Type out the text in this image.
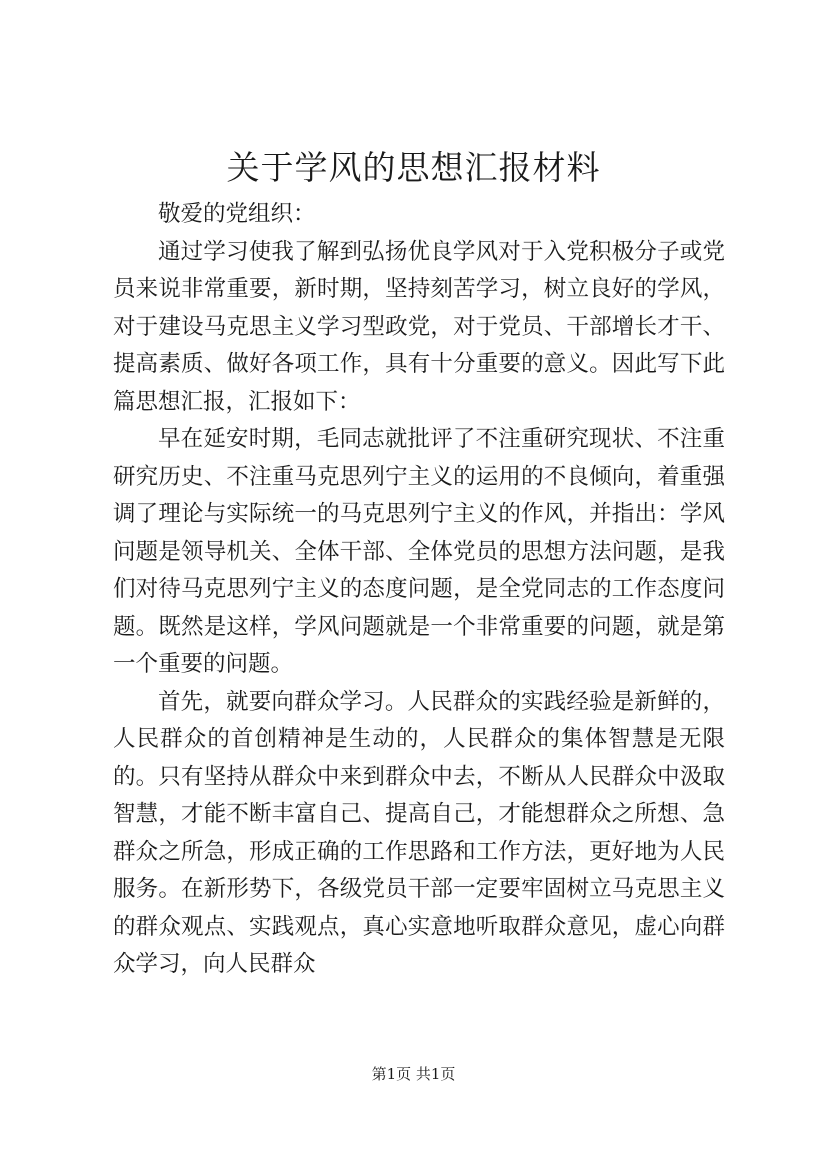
关于学风的思想汇报材料

敬爱的党组织：

通过学习使我了解到弘扬优良学风对于入党积极分子或党员来说非常重要，新时期，坚持刻苦学习，树立良好的学风，对于建设马克思主义学习型政党，对于党员、干部增长才干、提高素质、做好各项工作，具有十分重要的意义。因此写下此篇思想汇报，汇报如下：

早在延安时期，毛同志就批评了不注重研究现状、不注重研究历史、不注重马克思列宁主义的运用的不良倾向，着重强调了理论与实际统一的马克思列宁主义的作风，并指出：学风问题是领导机关、全体干部、全体党员的思想方法问题，是我们对待马克思列宁主义的态度问题，是全党同志的工作态度问题。既然是这样，学风问题就是一个非常重要的问题，就是第一个重要的问题。

首先，就要向群众学习。人民群众的实践经验是新鲜的，人民群众的首创精神是生动的，人民群众的集体智慧是无限的。只有坚持从群众中来到群众中去，不断从人民群众中汲取智慧，才能不断丰富自己、提高自己，才能想群众之所想、急群众之所急，形成正确的工作思路和工作方法，更好地为人民服务。在新形势下，各级党员干部一定要牢固树立马克思主义的群众观点、实践观点，真心实意地听取群众意见，虚心向群众学习，向人民群众

第1页 共1页
